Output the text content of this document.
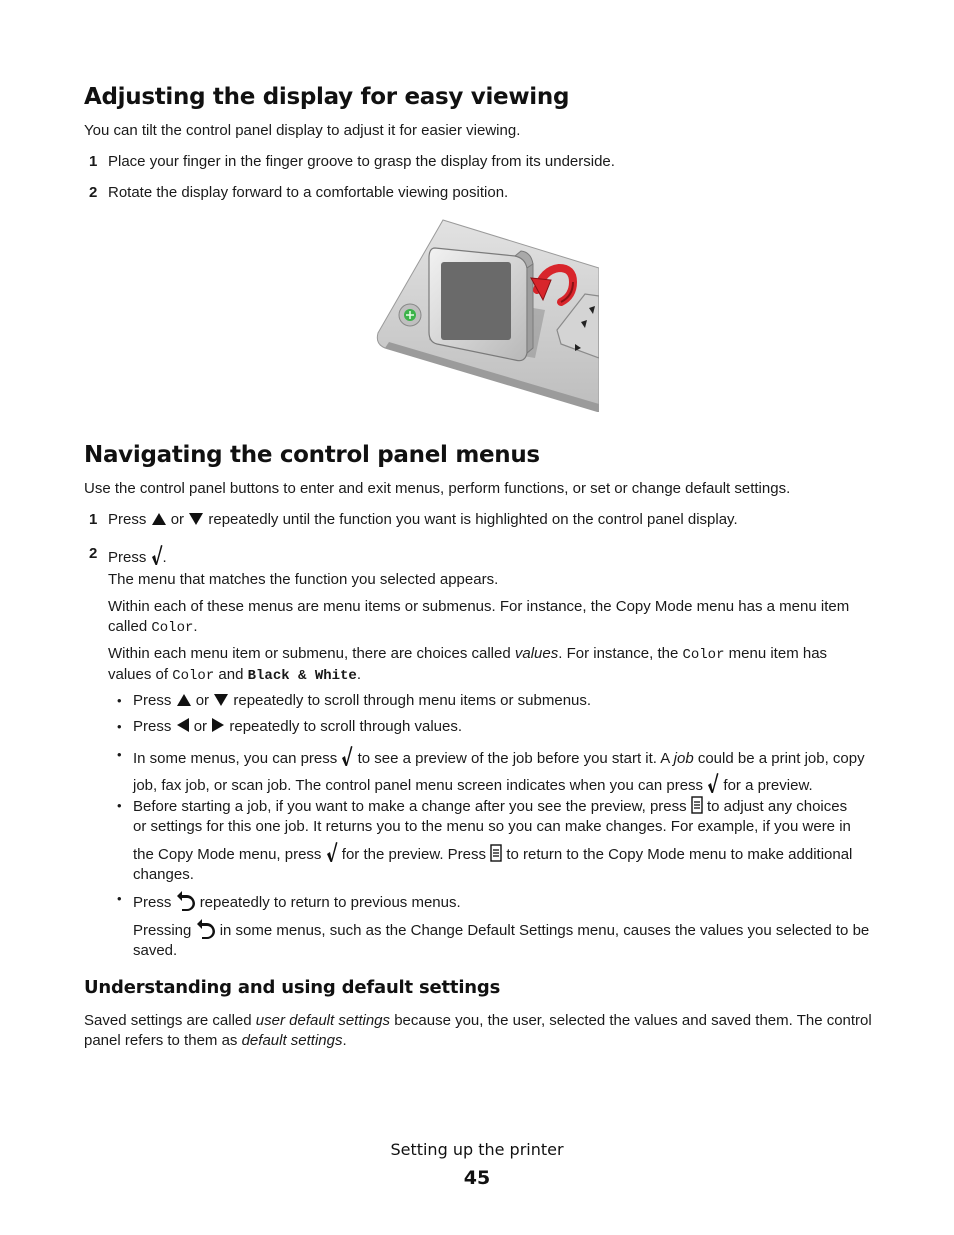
Adjusting the display for easy viewing

You can tilt the control panel display to adjust it for easier viewing.

1 Place your finger in the finger groove to grasp the display from its underside.

2 Rotate the display forward to a comfortable viewing position.

Navigating the control panel menus

Use the control panel buttons to enter and exit menus, perform functions, or set or change default settings.

1 Press or repeatedly until the function you want is highlighted on the control panel display.

2 Press .

The menu that matches the function you selected appears.

Within each of these menus are menu items or submenus. For instance, the Copy Mode menu has a menu item
called Color.

Within each menu item or submenu, there are choices called values. For instance, the Color menu item has
values of Color and Black & White.

• Press or repeatedly to scroll through menu items or submenus.

• Press or repeatedly to scroll through values.

• In some menus, you can press to see a preview of the job before you start it. A job could be a print job, copy
job, fax job, or scan job. The control panel menu screen indicates when you can press for a preview.

• Before starting a job, if you want to make a change after you see the preview, press to adjust any choices
or settings for this one job. It returns you to the menu so you can make changes. For example, if you were in

the Copy Mode menu, press for the preview. Press to return to the Copy Mode menu to make additional
changes.

• Press repeatedly to return to previous menus.

Pressing in some menus, such as the Change Default Settings menu, causes the values you selected to be
saved.

Understanding and using default settings

Saved settings are called user default settings because you, the user, selected the values and saved them. The control
panel refers to them as default settings.

Setting up the printer
45
